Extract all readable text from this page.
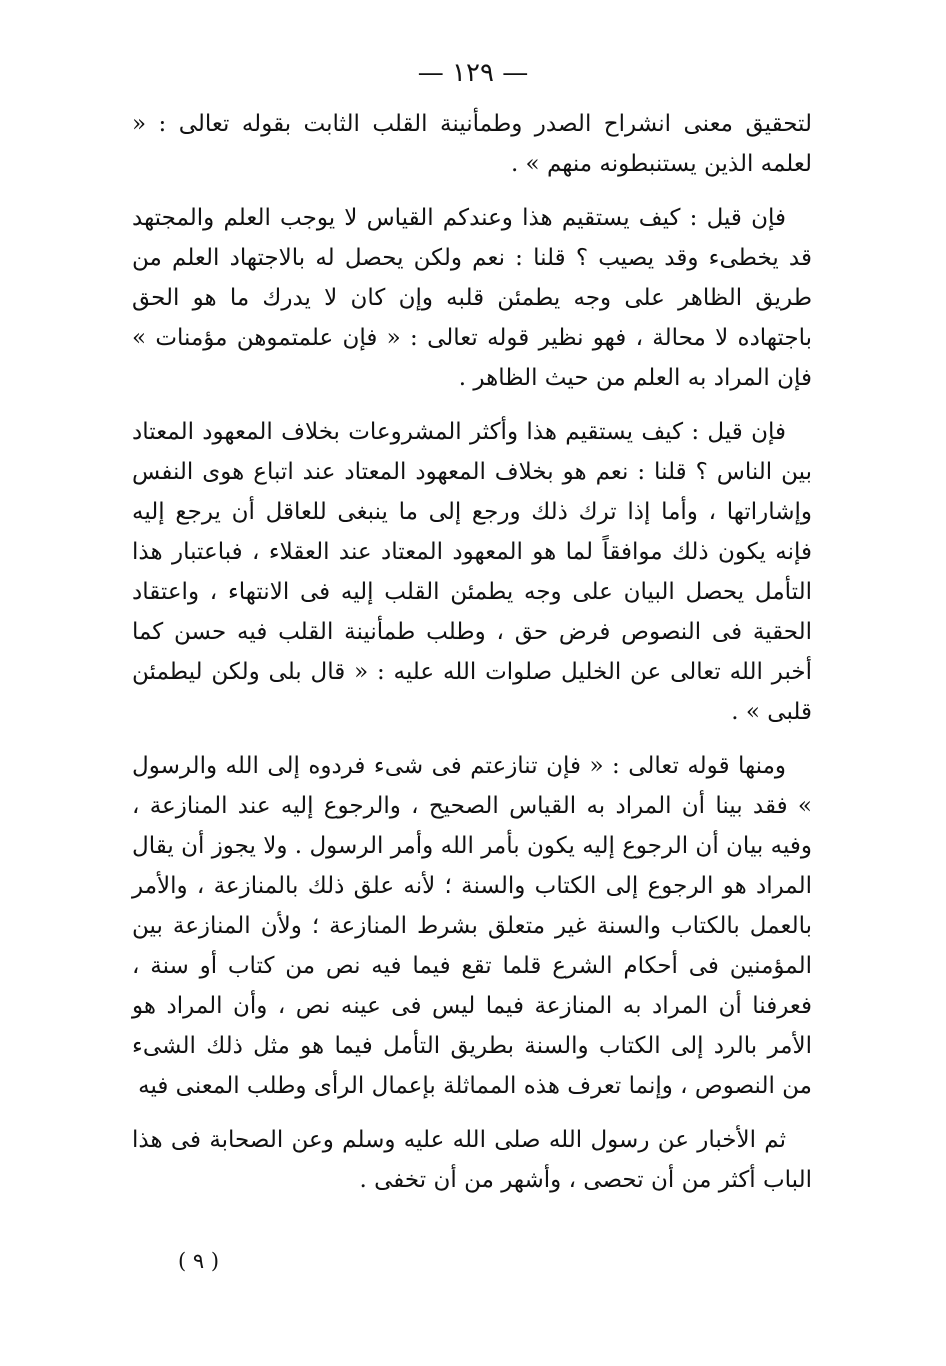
— ١٢٩ —

لتحقيق معنى انشراح الصدر وطمأنينة القلب الثابت بقوله تعالى : « لعلمه الذين يستنبطونه منهم » .

فإن قيل : كيف يستقيم هذا وعندكم القياس لا يوجب العلم والمجتهد قد يخطىء وقد يصيب ؟ قلنا : نعم ولكن يحصل له بالاجتهاد العلم من طريق الظاهر على وجه يطمئن قلبه وإن كان لا يدرك ما هو الحق باجتهاده لا محالة ، فهو نظير قوله تعالى : « فإن علمتموهن مؤمنات » فإن المراد به العلم من حيث الظاهر .

فإن قيل : كيف يستقيم هذا وأكثر المشروعات بخلاف المعهود المعتاد بين الناس ؟ قلنا : نعم هو بخلاف المعهود المعتاد عند اتباع هوى النفس وإشاراتها ، وأما إذا ترك ذلك ورجع إلى ما ينبغى للعاقل أن يرجع إليه فإنه يكون ذلك موافقاً لما هو المعهود المعتاد عند العقلاء ، فباعتبار هذا التأمل يحصل البيان على وجه يطمئن القلب إليه فى الانتهاء ، واعتقاد الحقية فى النصوص فرض حق ، وطلب طمأنينة القلب فيه حسن كما أخبر الله تعالى عن الخليل صلوات الله عليه : « قال بلى ولكن ليطمئن قلبى » .

ومنها قوله تعالى : « فإن تنازعتم فى شىء فردوه إلى الله والرسول » فقد بينا أن المراد به القياس الصحيح ، والرجوع إليه عند المنازعة ، وفيه بيان أن الرجوع إليه يكون بأمر الله وأمر الرسول . ولا يجوز أن يقال المراد هو الرجوع إلى الكتاب والسنة ؛ لأنه علق ذلك بالمنازعة ، والأمر بالعمل بالكتاب والسنة غير متعلق بشرط المنازعة ؛ ولأن المنازعة بين المؤمنين فى أحكام الشرع قلما تقع فيما فيه نص من كتاب أو سنة ، فعرفنا أن المراد به المنازعة فيما ليس فى عينه نص ، وأن المراد هو الأمر بالرد إلى الكتاب والسنة بطريق التأمل فيما هو مثل ذلك الشىء من النصوص ، وإنما تعرف هذه المماثلة بإعمال الرأى وطلب المعنى فيه

ثم الأخبار عن رسول الله صلى الله عليه وسلم وعن الصحابة فى هذا الباب أكثر من أن تحصى ، وأشهر من أن تخفى .

( ٩ )
